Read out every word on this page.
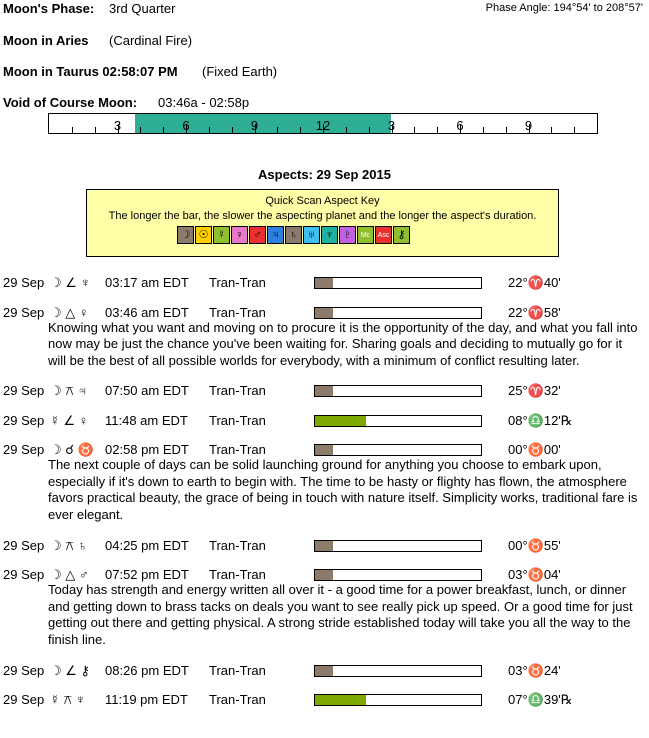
Moon's Phase: 3rd Quarter	Phase Angle: 194°54' to 208°57'
Moon in Aries (Cardinal Fire)
Moon in Taurus 02:58:07 PM (Fixed Earth)
Void of Course Moon: 03:46a - 02:58p
3	6	9	12	3	6	9
Aspects: 29 Sep 2015
Quick Scan Aspect Key
The longer the bar, the slower the aspecting planet and the longer the aspect's duration.
☽ ☉ ☿ ♀ ♂ ♃ ♄ ♅ ♆ ♇	Mc	Asc ⚷
29 Sep ☽ ∠ ♆ 03:17 am EDT Tran-Tran	22°♈40'
29 Sep ☽ △ ♀ 03:46 am EDT Tran-Tran	22°♈58'
Knowing what you want and moving on to procure it is the opportunity of the day, and what you fall into now may be just the chance you've been waiting for. Sharing goals and deciding to mutually go for it will be the best of all possible worlds for everybody, with a minimum of conflict resulting later.
29 Sep ☽ ⚻ ♃ 07:50 am EDT Tran-Tran	25°♈32'
29 Sep ☿ ∠ ♀ 11:48 am EDT Tran-Tran	08°♎12'℞
29 Sep ☽ ☌ ♉ 02:58 pm EDT Tran-Tran	00°♉00'
The next couple of days can be solid launching ground for anything you choose to embark upon, especially if it's down to earth to begin with. The time to be hasty or flighty has flown, the atmosphere favors practical beauty, the grace of being in touch with nature itself. Simplicity works, traditional fare is ever elegant.
29 Sep ☽ ⚻ ♄ 04:25 pm EDT Tran-Tran	00°♉55'
29 Sep ☽ △ ♂ 07:52 pm EDT Tran-Tran	03°♉04'
Today has strength and energy written all over it - a good time for a power breakfast, lunch, or dinner and getting down to brass tacks on deals you want to see really pick up speed. Or a good time for just getting out there and getting physical. A strong stride established today will take you all the way to the finish line.
29 Sep ☽ ∠ ⚷ 08:26 pm EDT Tran-Tran	03°♉24'
29 Sep ☿ ⚻ ♆ 11:19 pm EDT Tran-Tran	07°♎39'℞
